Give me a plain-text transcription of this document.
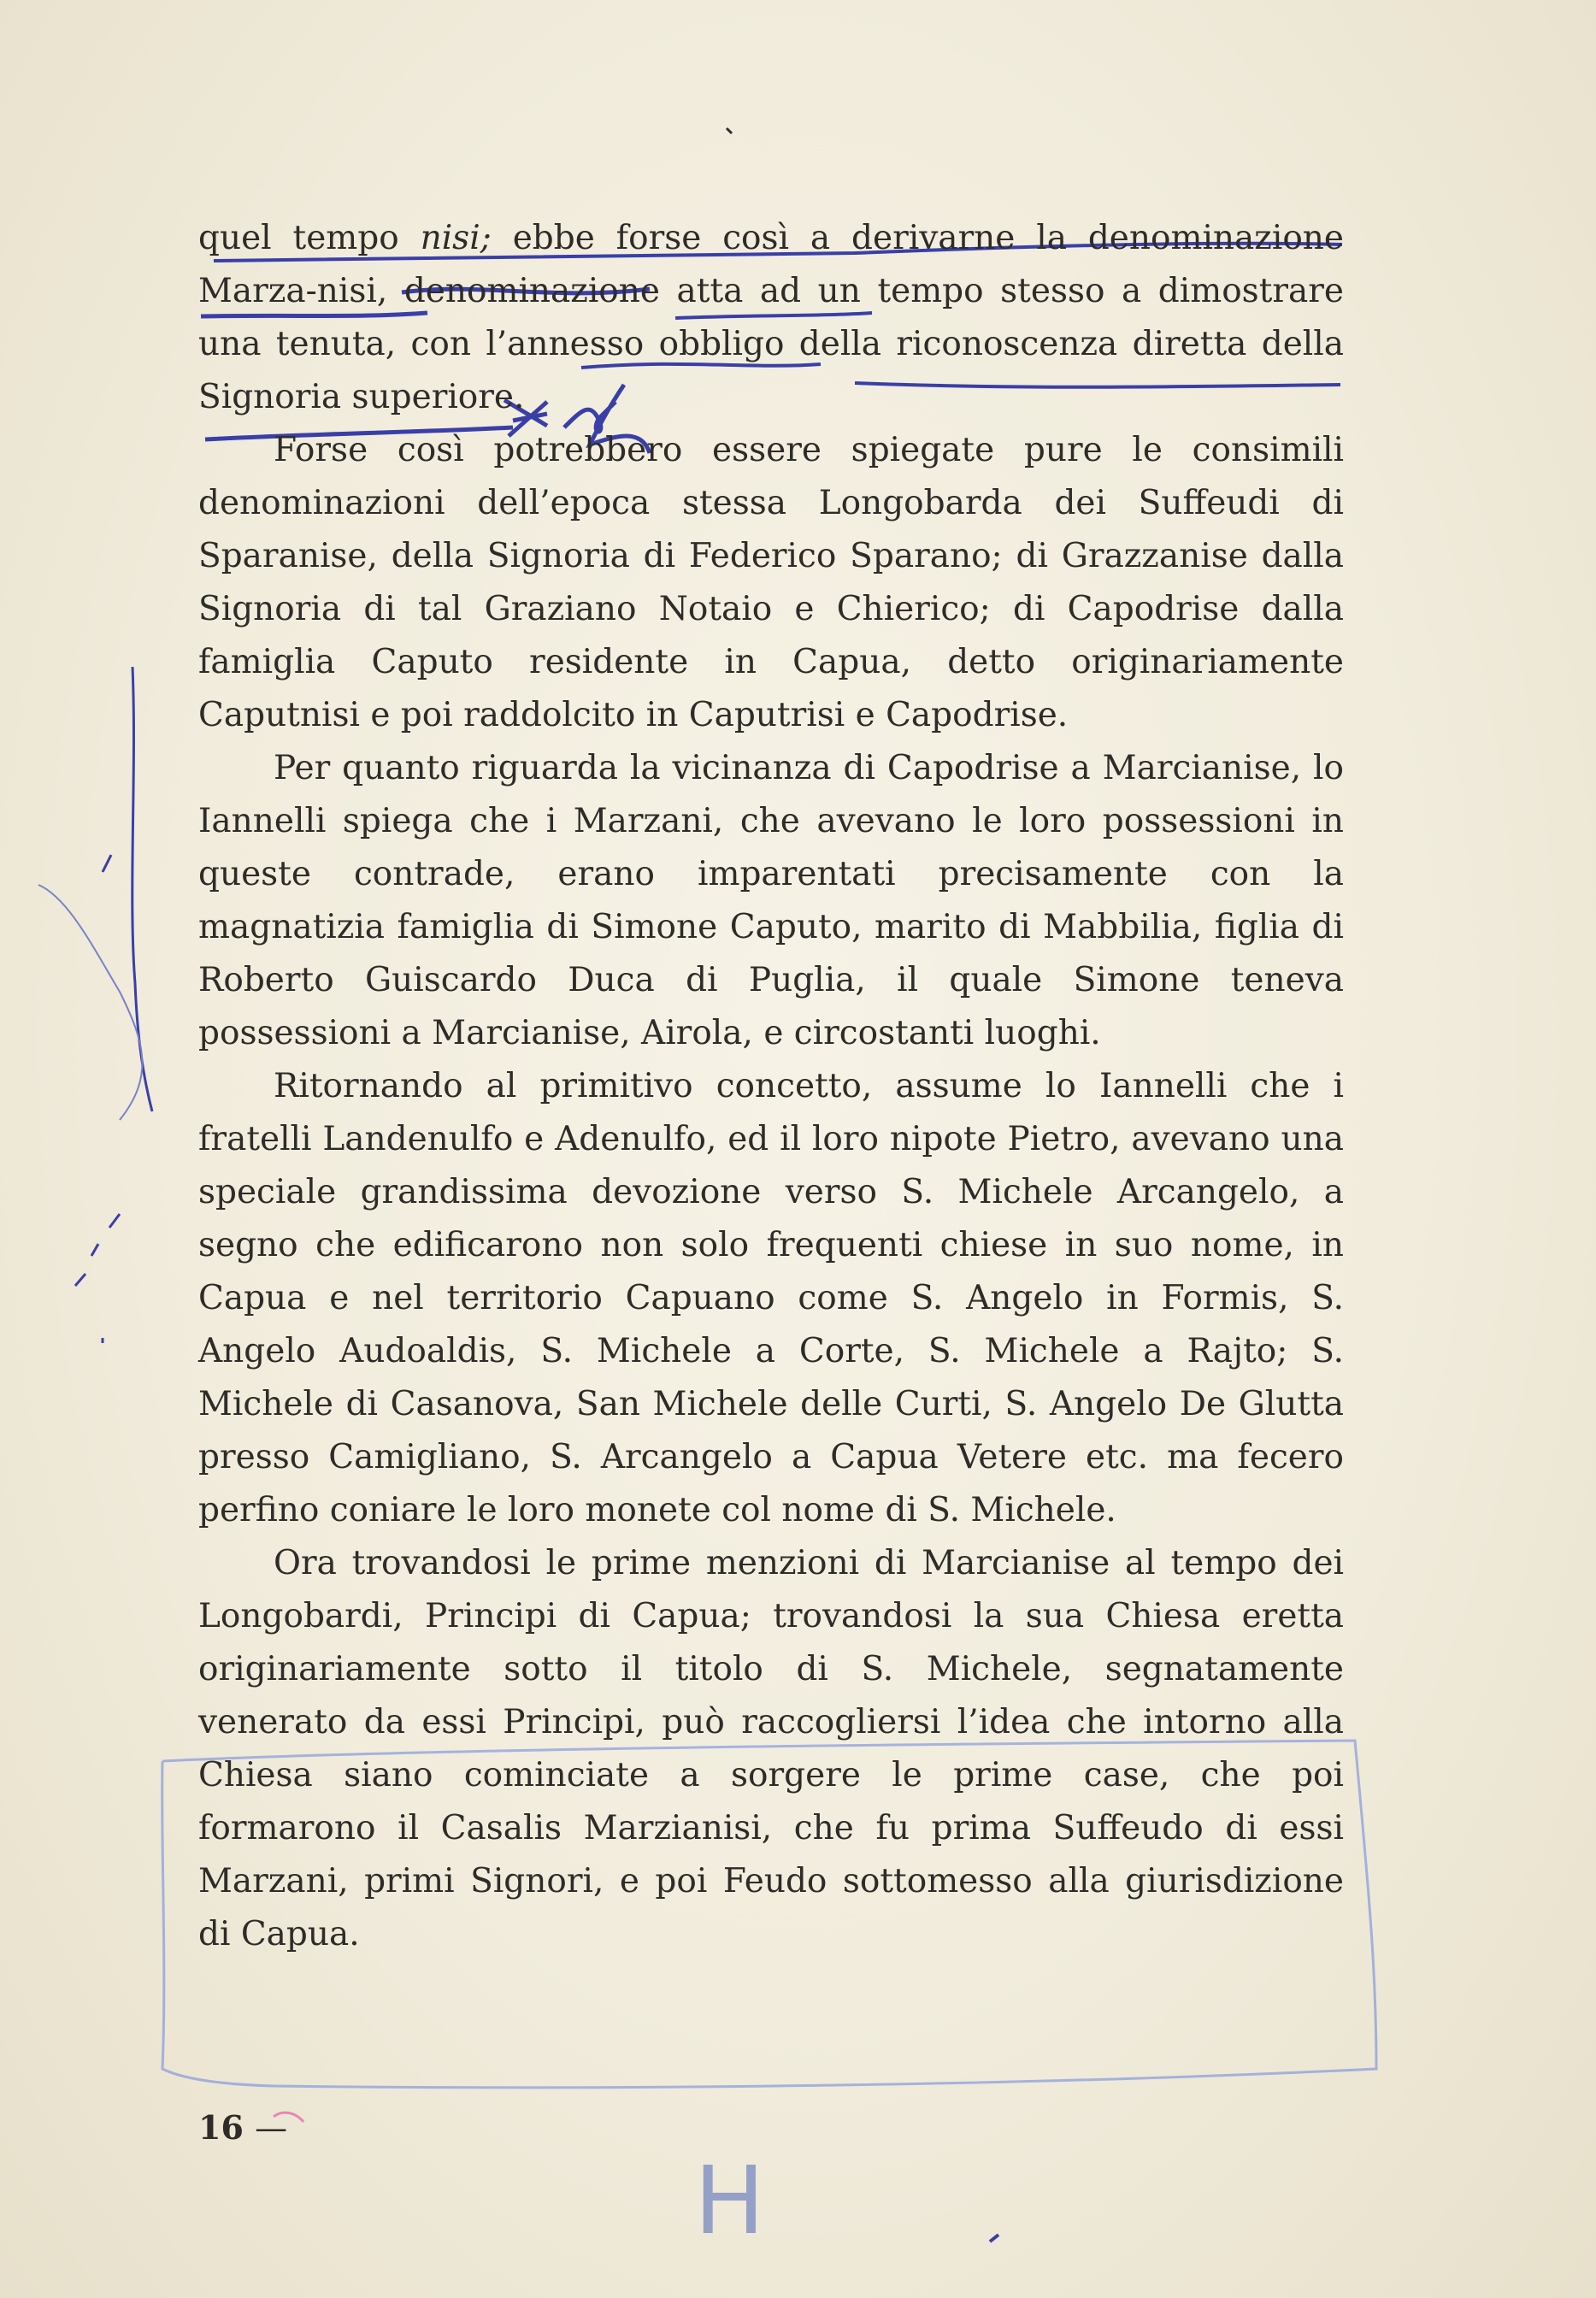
quel tempo nisi; ebbe forse così a derivarne la denominazione Marza-nisi, denominazione atta ad un tempo stesso a dimostrare una tenuta, con l’annesso obbligo della riconoscenza diretta della Signoria superiore.

Forse così potrebbero essere spiegate pure le consimili denominazioni dell’epoca stessa Longobarda dei Suffeudi di Sparanise, della Signoria di Federico Sparano; di Grazzanise dalla Signoria di tal Graziano Notaio e Chierico; di Capodrise dalla famiglia Caputo residente in Capua, detto originariamente Caputnisi e poi raddolcito in Caputrisi e Capodrise.

Per quanto riguarda la vicinanza di Capodrise a Marcianise, lo Iannelli spiega che i Marzani, che avevano le loro possessioni in queste contrade, erano imparentati precisamente con la magnatizia famiglia di Simone Caputo, marito di Mabbilia, figlia di Roberto Guiscardo Duca di Puglia, il quale Simone teneva possessioni a Marcianise, Airola, e circostanti luoghi.

Ritornando al primitivo concetto, assume lo Iannelli che i fratelli Landenulfo e Adenulfo, ed il loro nipote Pietro, avevano una speciale grandissima devozione verso S. Michele Arcangelo, a segno che edificarono non solo frequenti chiese in suo nome, in Capua e nel territorio Capuano come S. Angelo in Formis, S. Angelo Audoaldis, S. Michele a Corte, S. Michele a Rajto; S. Michele di Casanova, San Michele delle Curti, S. Angelo De Glutta presso Camigliano, S. Arcangelo a Capua Vetere etc. ma fecero perfino coniare le loro monete col nome di S. Michele.

Ora trovandosi le prime menzioni di Marcianise al tempo dei Longobardi, Principi di Capua; trovandosi la sua Chiesa eretta originariamente sotto il titolo di S. Michele, segnatamente venerato da essi Principi, può raccogliersi l’idea che intorno alla Chiesa siano cominciate a sorgere le prime case, che poi formarono il Casalis Marzianisi, che fu prima Suffeudo di essi Marzani, primi Signori, e poi Feudo sottomesso alla giurisdizione di Capua.

16 —
H
